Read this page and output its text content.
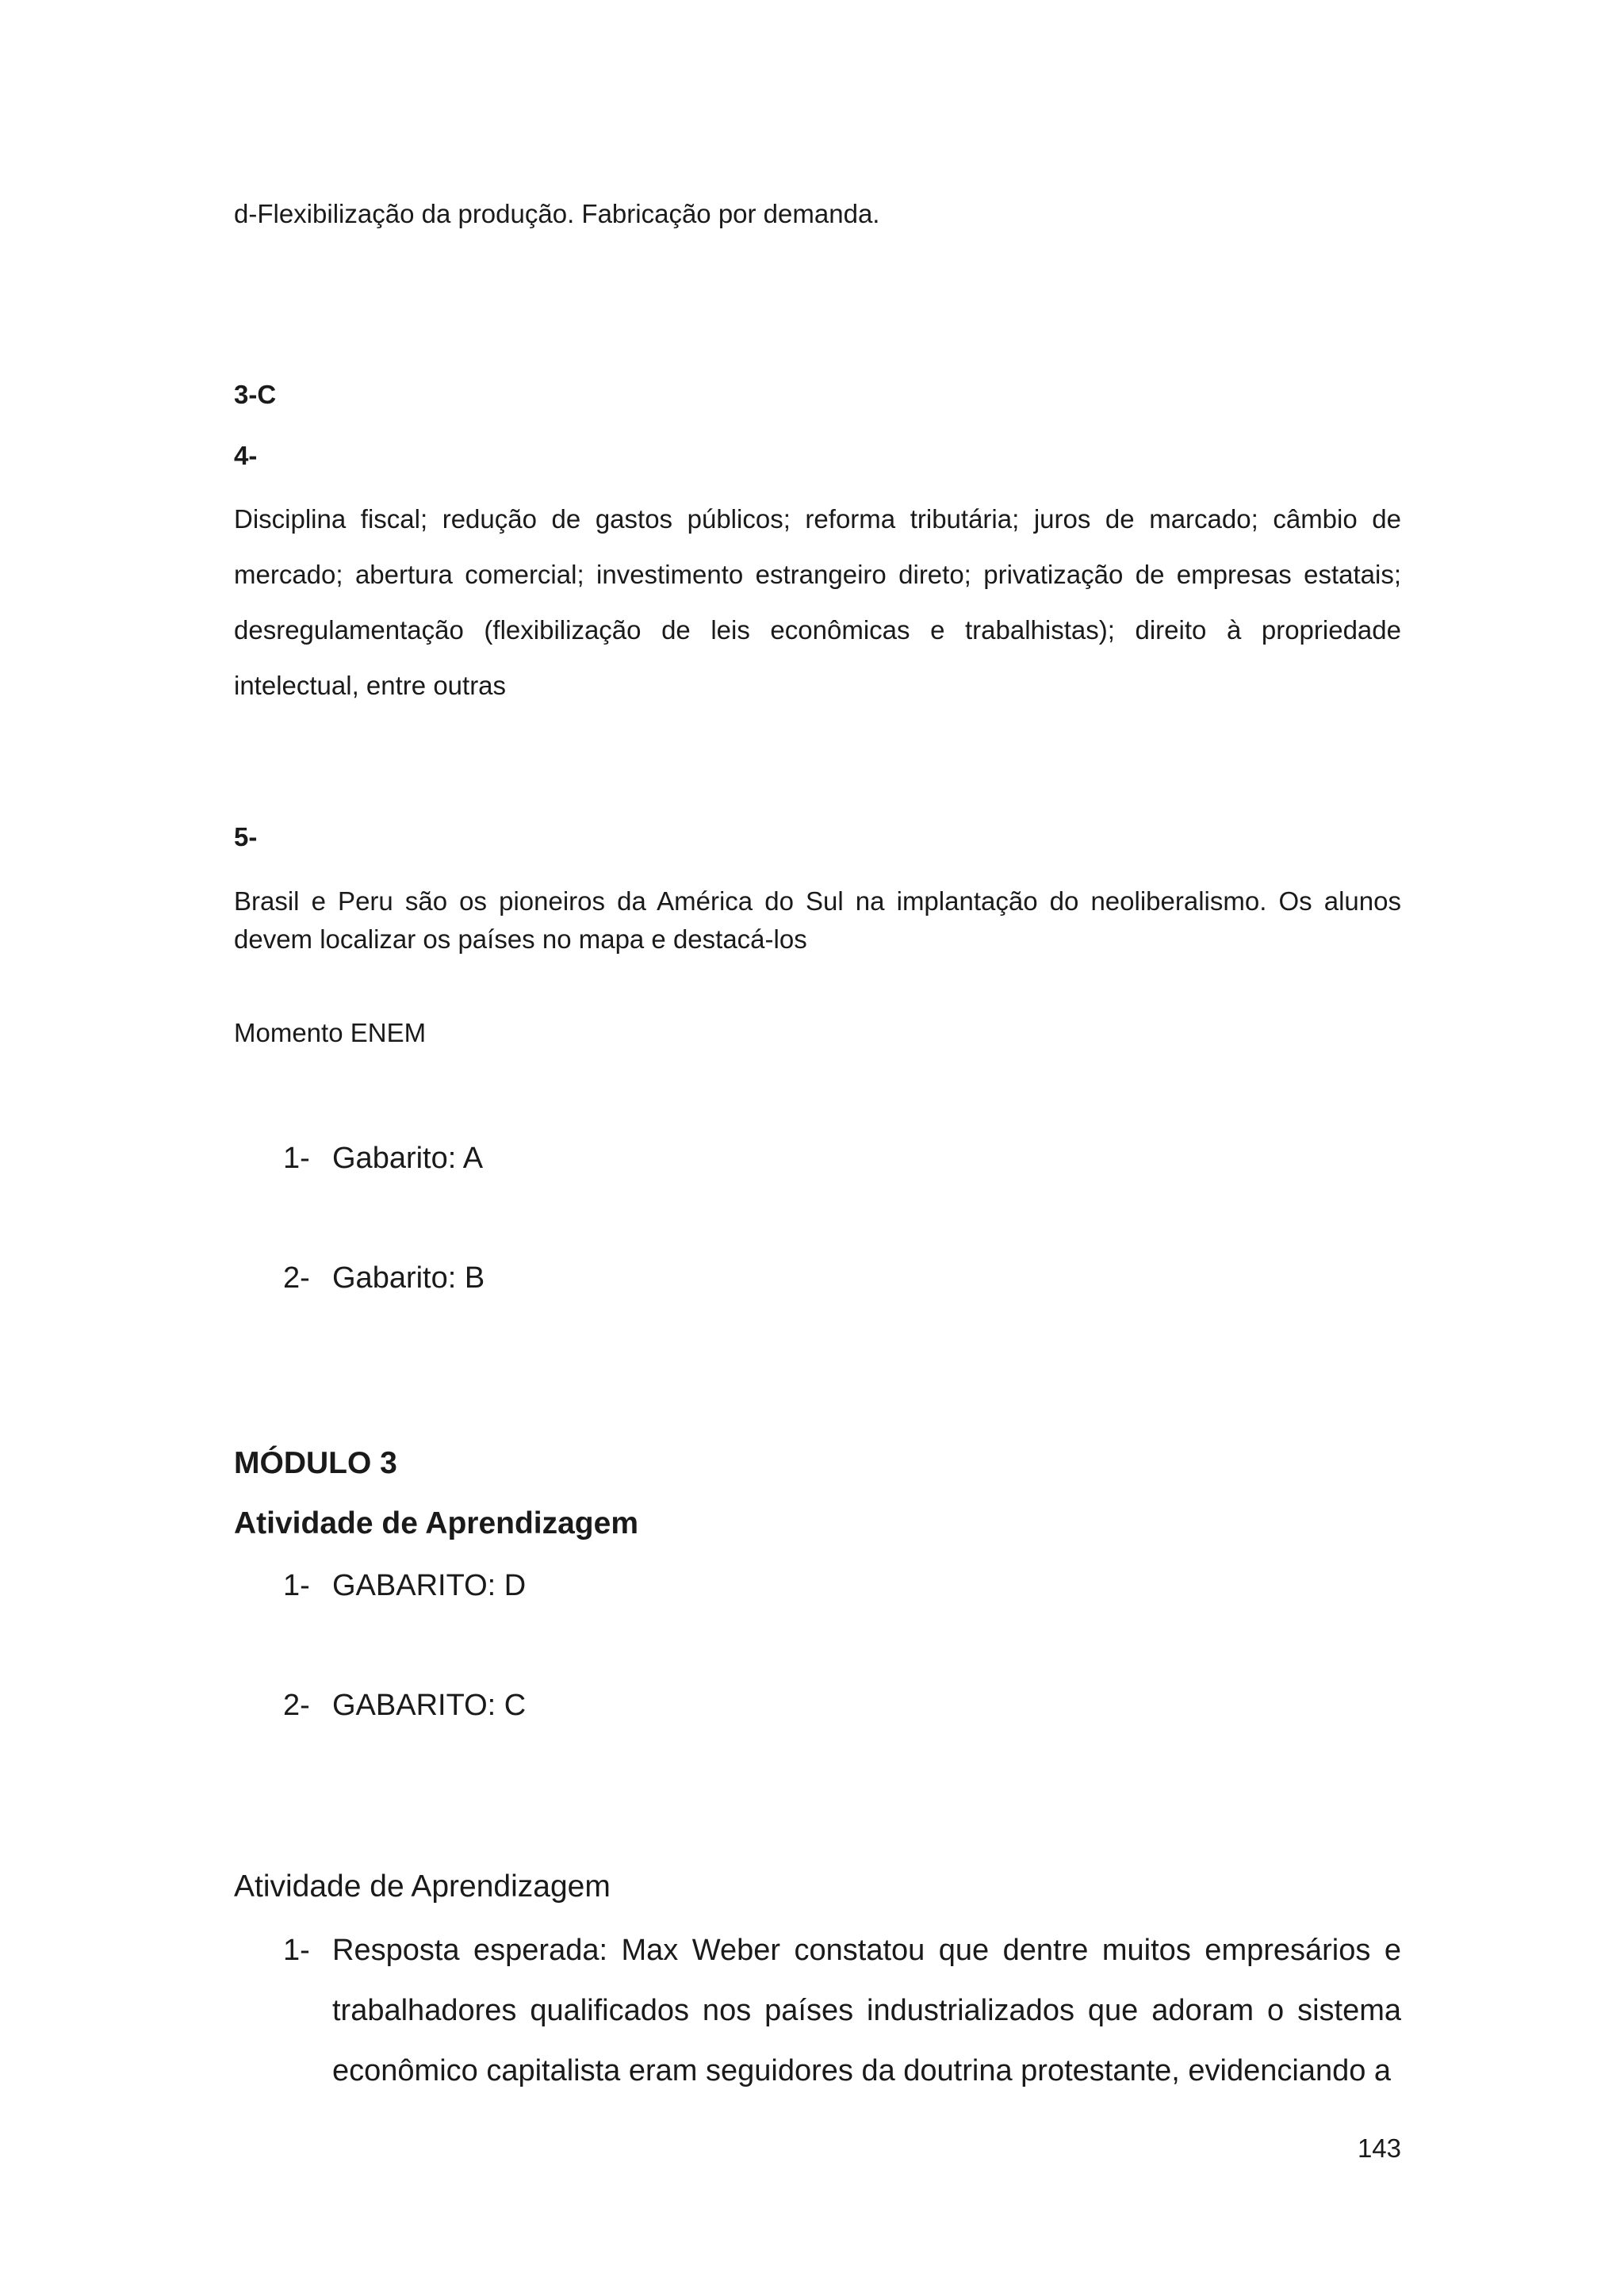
d-Flexibilização da produção. Fabricação por demanda.

3-C

4-

Disciplina fiscal; redução de gastos públicos; reforma tributária; juros de marcado; câmbio de mercado; abertura comercial; investimento estrangeiro direto; privatização de empresas estatais; desregulamentação (flexibilização de leis econômicas e trabalhistas); direito à propriedade intelectual, entre outras

5-

Brasil e Peru são os pioneiros da América do Sul na implantação do neoliberalismo. Os alunos devem localizar os países no mapa e destacá-los

Momento ENEM

1- Gabarito: A
2- Gabarito: B

MÓDULO 3

Atividade de Aprendizagem

1- GABARITO: D
2- GABARITO: C

Atividade de Aprendizagem

1- Resposta esperada: Max Weber constatou que dentre muitos empresários e trabalhadores qualificados nos países industrializados que adoram o sistema econômico capitalista eram seguidores da doutrina protestante, evidenciando a
143
